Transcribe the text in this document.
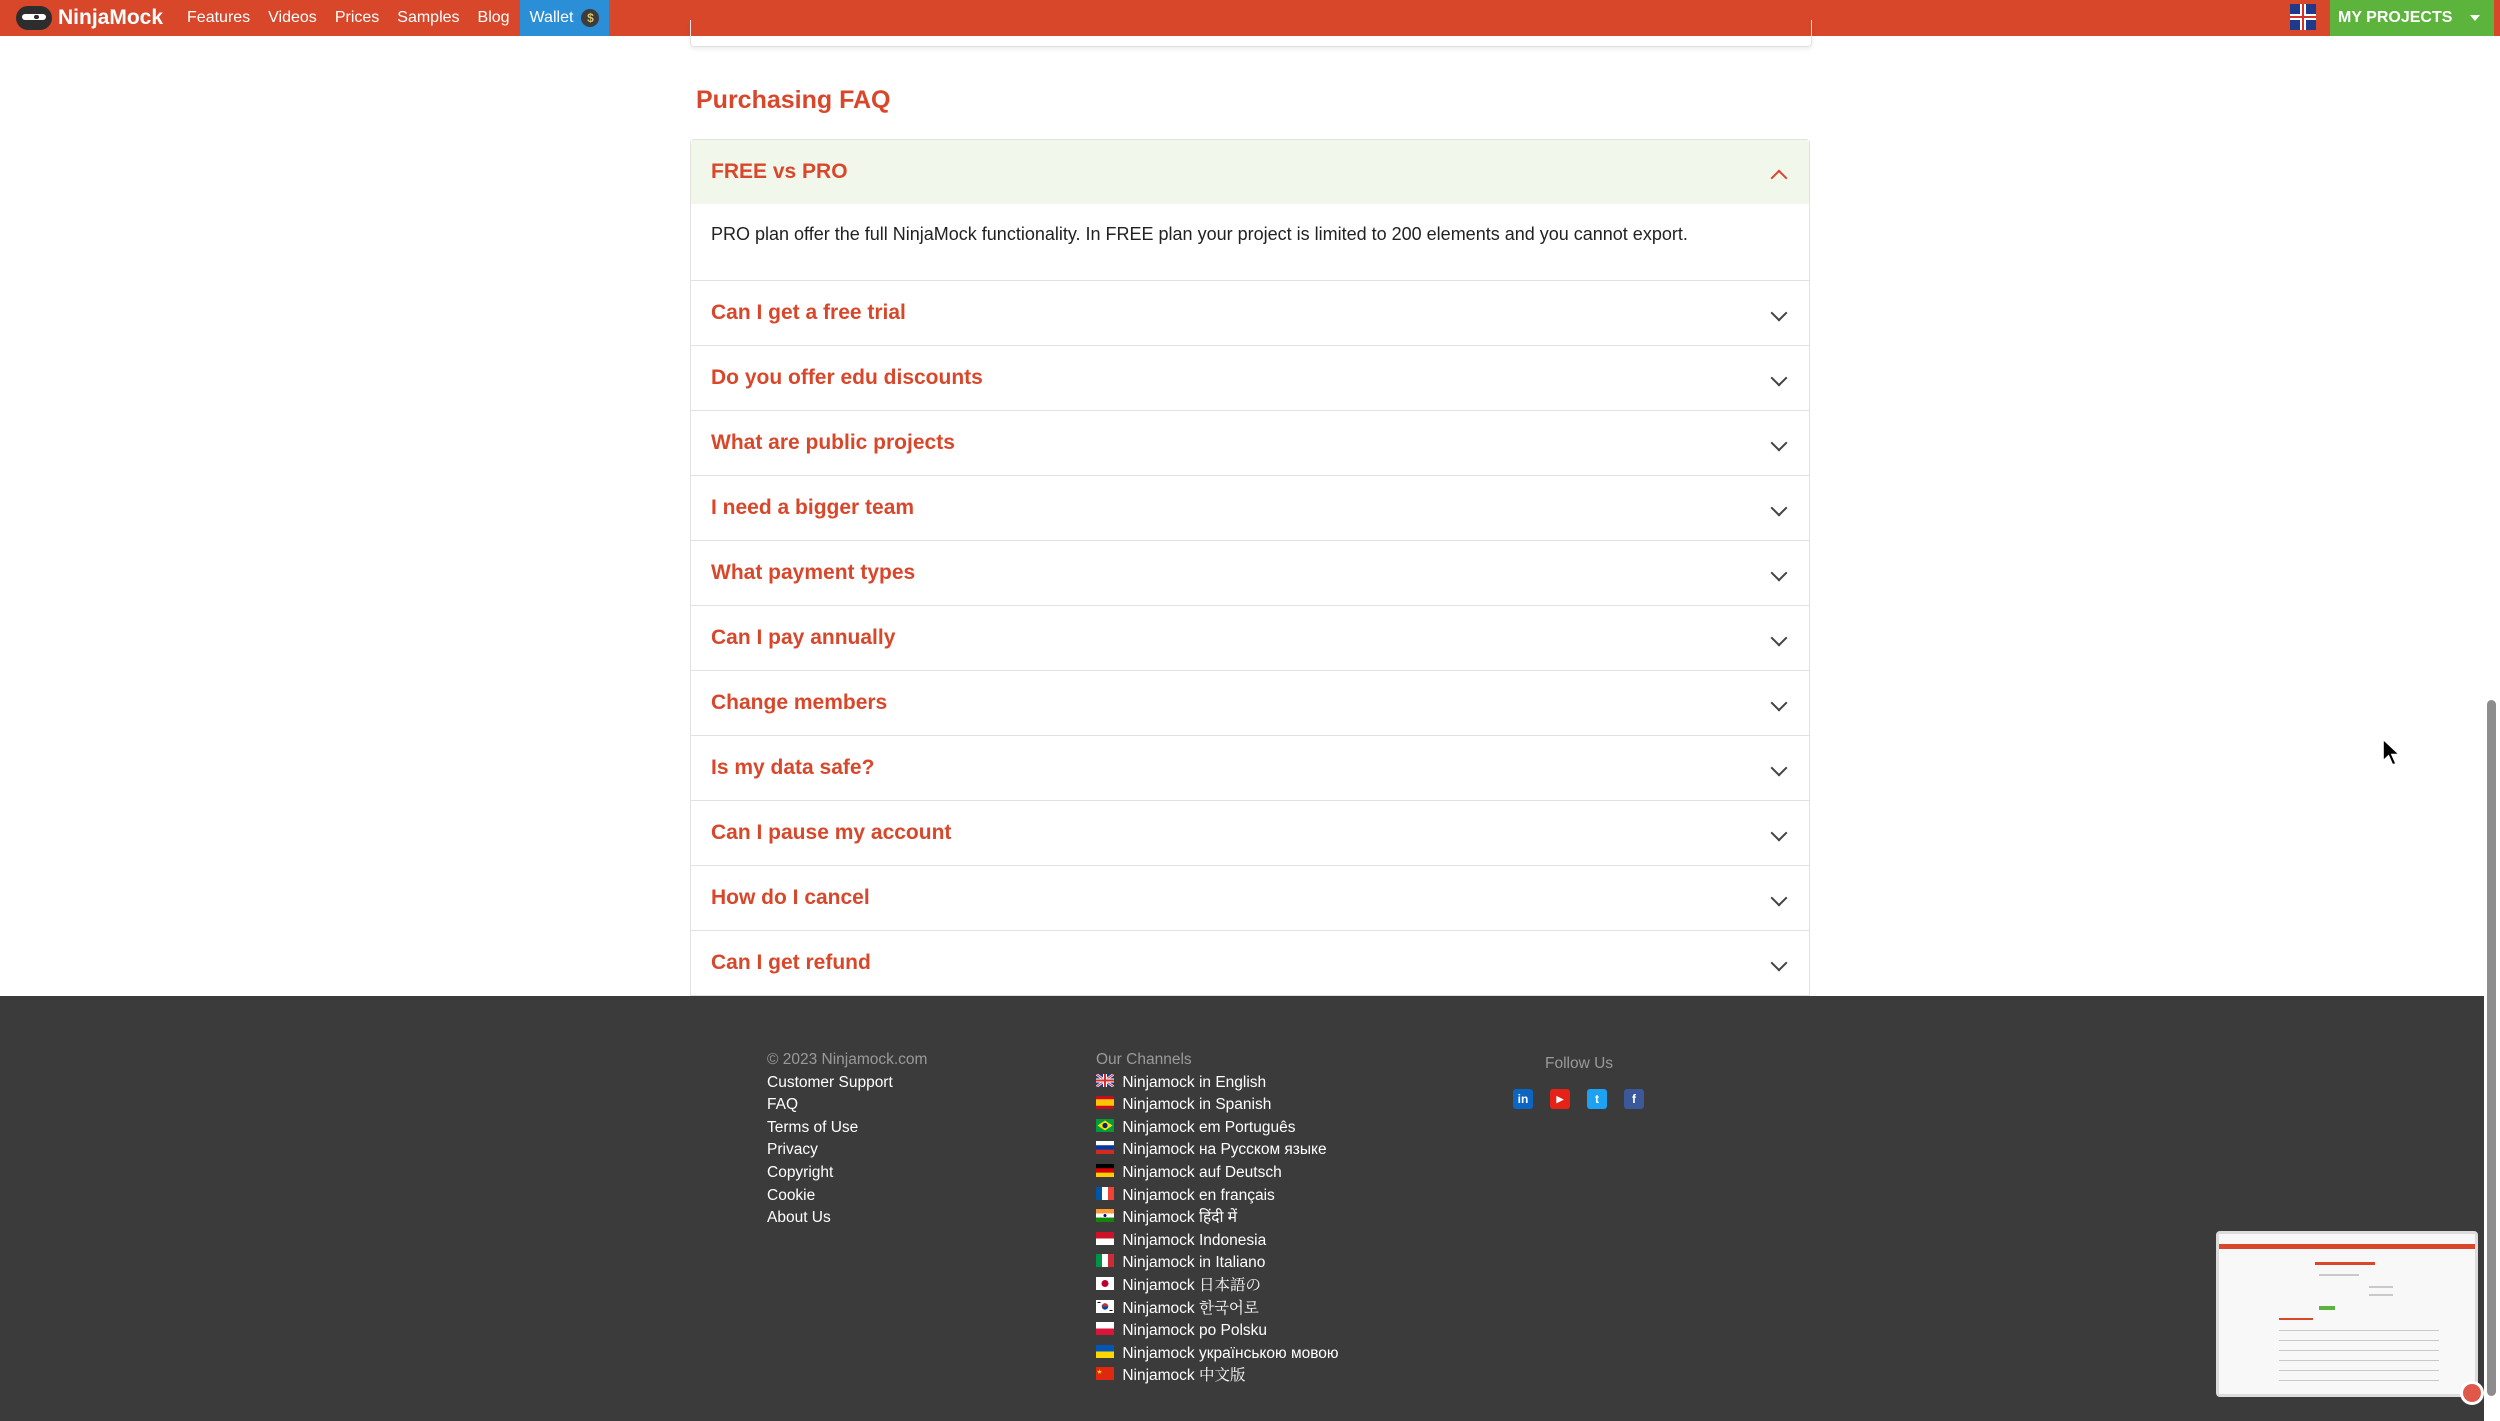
NinjaMock Features Videos Prices Samples Blog Wallet	$	MY PROJECTS
Purchasing FAQ
FREE vs PRO
PRO plan offer the full NinjaMock functionality. In FREE plan your project is limited to 200 elements and you cannot export.
Can I get a free trial
Do you offer edu discounts
What are public projects
I need a bigger team
What payment types
Can I pay annually
Change members
Is my data safe?
Can I pause my account
How do I cancel
Can I get refund
© 2023 Ninjamock.com
Customer Support
FAQ
Terms of Use
Privacy
Copyright
Cookie
About Us
Our Channels
Ninjamock in English
Ninjamock in Spanish
Ninjamock em Português
Ninjamock на Русском языке
Ninjamock auf Deutsch
Ninjamock en français
Ninjamock हिंदी में
Ninjamock Indonesia
Ninjamock in Italiano
Ninjamock 日本語の
Ninjamock 한국어로
Ninjamock po Polsku
Ninjamock українською мовою
Ninjamock 中文版
Follow Us
in	▶	t	f
